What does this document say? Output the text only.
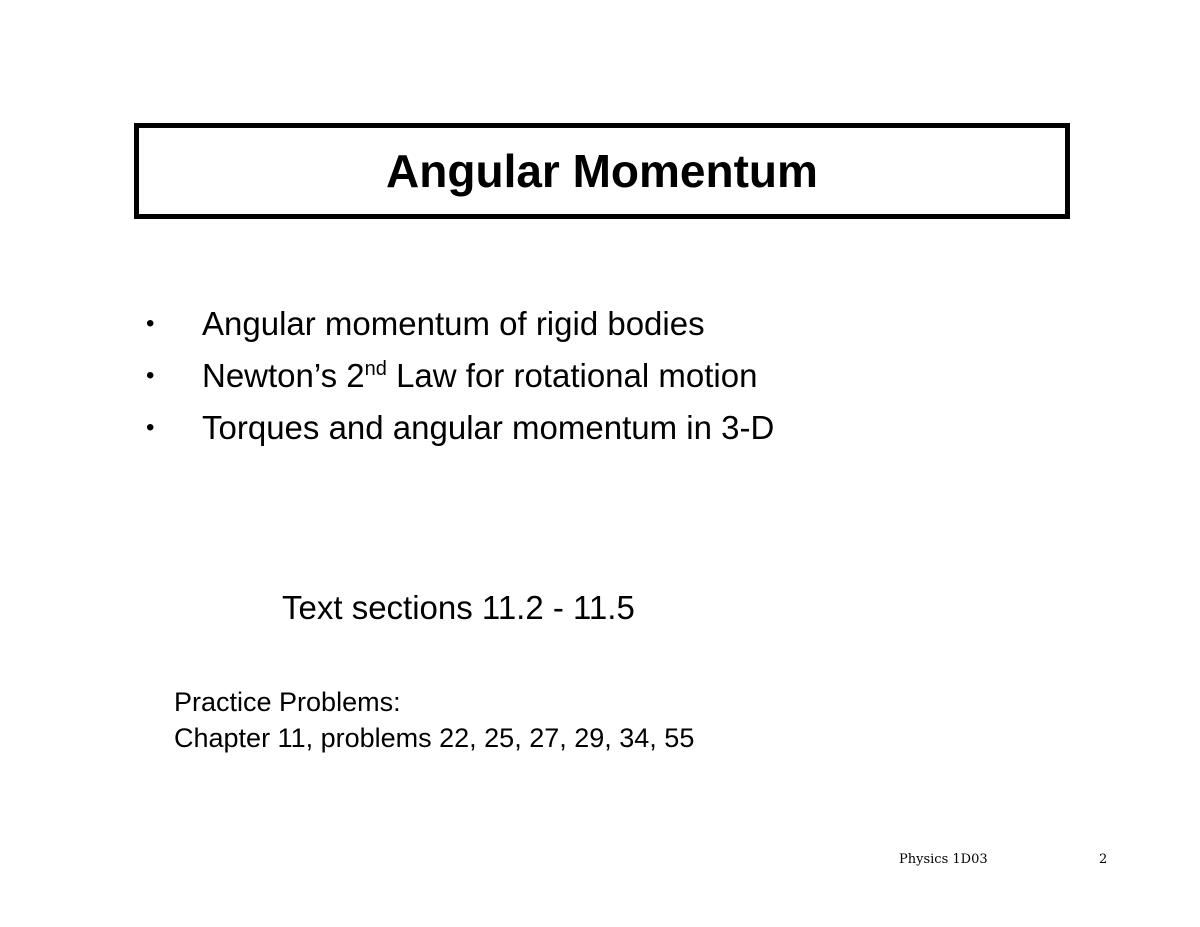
Angular Momentum
• Angular momentum of rigid bodies
• Newton’s 2nd Law for rotational motion
• Torques and angular momentum in 3-D
Text sections 11.2 - 11.5
Practice Problems:
Chapter 11, problems 22, 25, 27, 29, 34, 55
Physics 1D03	2
